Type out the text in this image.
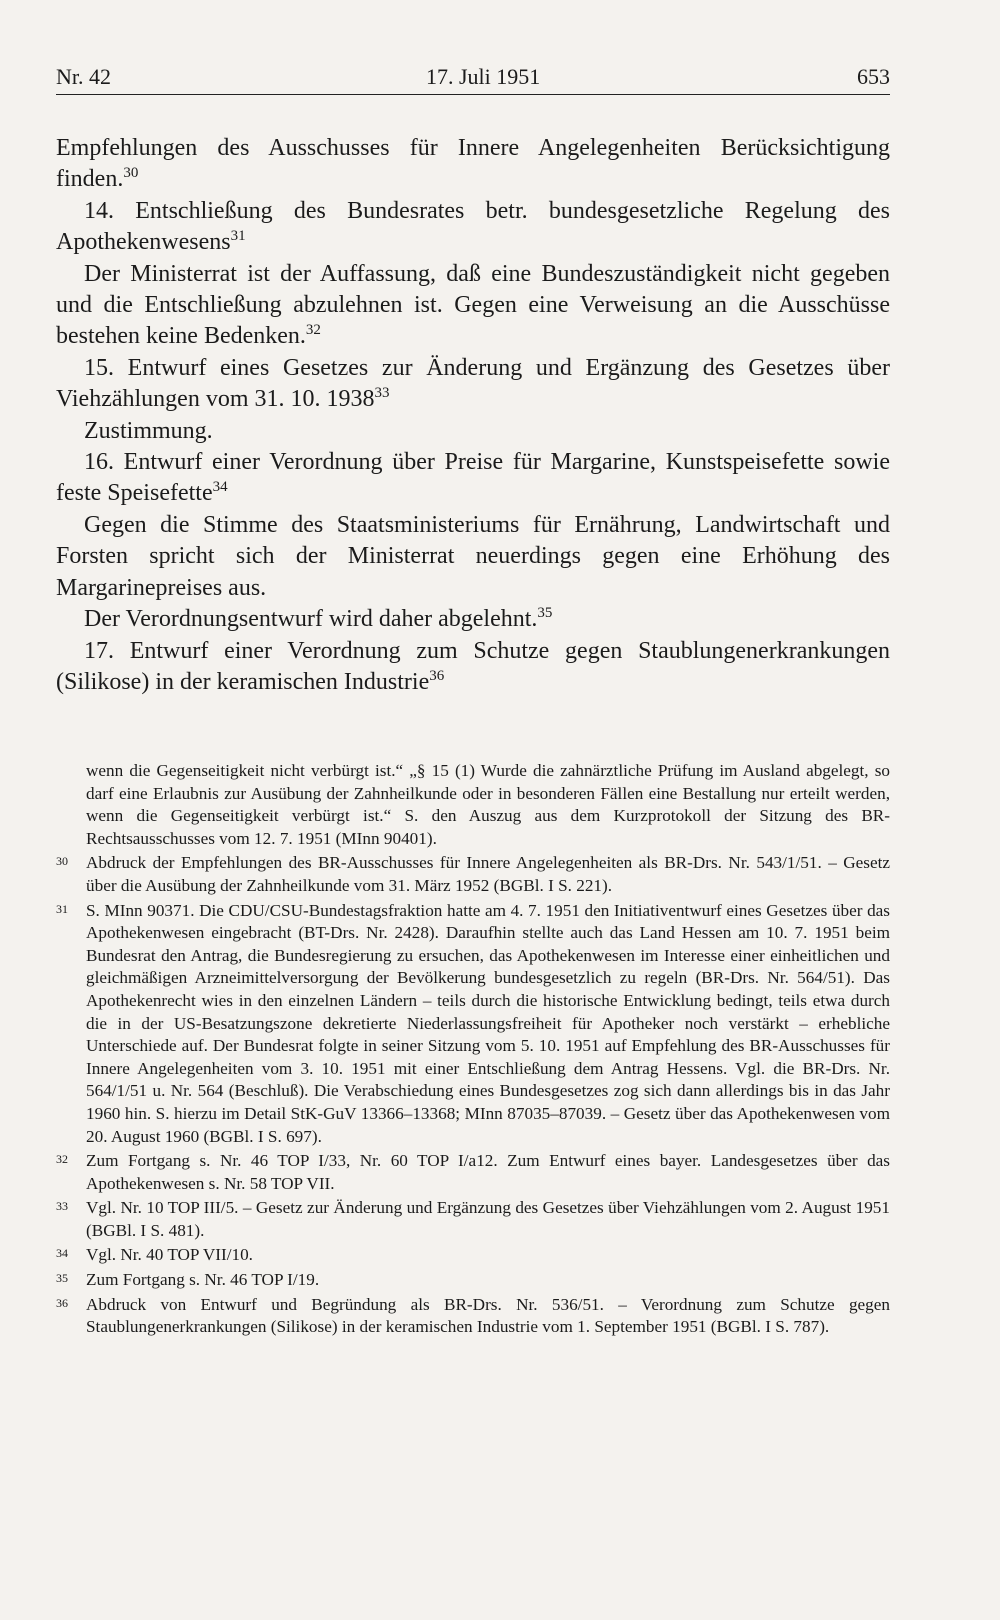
Nr. 42	17. Juli 1951	653

Empfehlungen des Ausschusses für Innere Angelegenheiten Berücksichtigung finden.$^{30}$

14. Entschließung des Bundesrates betr. bundesgesetzliche Regelung des Apothekenwesens$^{31}$

Der Ministerrat ist der Auffassung, daß eine Bundeszuständigkeit nicht gegeben und die Entschließung abzulehnen ist. Gegen eine Verweisung an die Ausschüsse bestehen keine Bedenken.$^{32}$

15. Entwurf eines Gesetzes zur Änderung und Ergänzung des Gesetzes über Viehzählungen vom 31. 10. 1938$^{33}$

Zustimmung.

16. Entwurf einer Verordnung über Preise für Margarine, Kunstspeisefette sowie feste Speisefette$^{34}$

Gegen die Stimme des Staatsministeriums für Ernährung, Landwirtschaft und Forsten spricht sich der Ministerrat neuerdings gegen eine Erhöhung des Margarinepreises aus.

Der Verordnungsentwurf wird daher abgelehnt.$^{35}$

17. Entwurf einer Verordnung zum Schutze gegen Staublungenerkrankungen (Silikose) in der keramischen Industrie$^{36}$

wenn die Gegenseitigkeit nicht verbürgt ist.“ „§ 15 (1) Wurde die zahnärztliche Prüfung im Ausland abgelegt, so darf eine Erlaubnis zur Ausübung der Zahnheilkunde oder in besonderen Fällen eine Bestallung nur erteilt werden, wenn die Gegenseitigkeit verbürgt ist.“ S. den Auszug aus dem Kurzprotokoll der Sitzung des BR-Rechtsausschusses vom 12. 7. 1951 (MInn 90401).

30 Abdruck der Empfehlungen des BR-Ausschusses für Innere Angelegenheiten als BR-Drs. Nr. 543/1/51. – Gesetz über die Ausübung der Zahnheilkunde vom 31. März 1952 (BGBl. I S. 221).
31 S. MInn 90371. Die CDU/CSU-Bundestagsfraktion hatte am 4. 7. 1951 den Initiativentwurf eines Gesetzes über das Apothekenwesen eingebracht (BT-Drs. Nr. 2428). Daraufhin stellte auch das Land Hessen am 10. 7. 1951 beim Bundesrat den Antrag, die Bundesregierung zu ersuchen, das Apothekenwesen im Interesse einer einheitlichen und gleichmäßigen Arzneimittelversorgung der Bevölkerung bundesgesetzlich zu regeln (BR-Drs. Nr. 564/51). Das Apothekenrecht wies in den einzelnen Ländern – teils durch die historische Entwicklung bedingt, teils etwa durch die in der US-Besatzungszone dekretierte Niederlassungsfreiheit für Apotheker noch verstärkt – erhebliche Unterschiede auf. Der Bundesrat folgte in seiner Sitzung vom 5. 10. 1951 auf Empfehlung des BR-Ausschusses für Innere Angelegenheiten vom 3. 10. 1951 mit einer Entschließung dem Antrag Hessens. Vgl. die BR-Drs. Nr. 564/1/51 u. Nr. 564 (Beschluß). Die Verabschiedung eines Bundesgesetzes zog sich dann allerdings bis in das Jahr 1960 hin. S. hierzu im Detail StK-GuV 13366–13368; MInn 87035–87039. – Gesetz über das Apothekenwesen vom 20. August 1960 (BGBl. I S. 697).
32 Zum Fortgang s. Nr. 46 TOP I/33, Nr. 60 TOP I/a12. Zum Entwurf eines bayer. Landesgesetzes über das Apothekenwesen s. Nr. 58 TOP VII.
33 Vgl. Nr. 10 TOP III/5. – Gesetz zur Änderung und Ergänzung des Gesetzes über Viehzählungen vom 2. August 1951 (BGBl. I S. 481).
34 Vgl. Nr. 40 TOP VII/10.
35 Zum Fortgang s. Nr. 46 TOP I/19.
36 Abdruck von Entwurf und Begründung als BR-Drs. Nr. 536/51. – Verordnung zum Schutze gegen Staublungenerkrankungen (Silikose) in der keramischen Industrie vom 1. September 1951 (BGBl. I S. 787).
